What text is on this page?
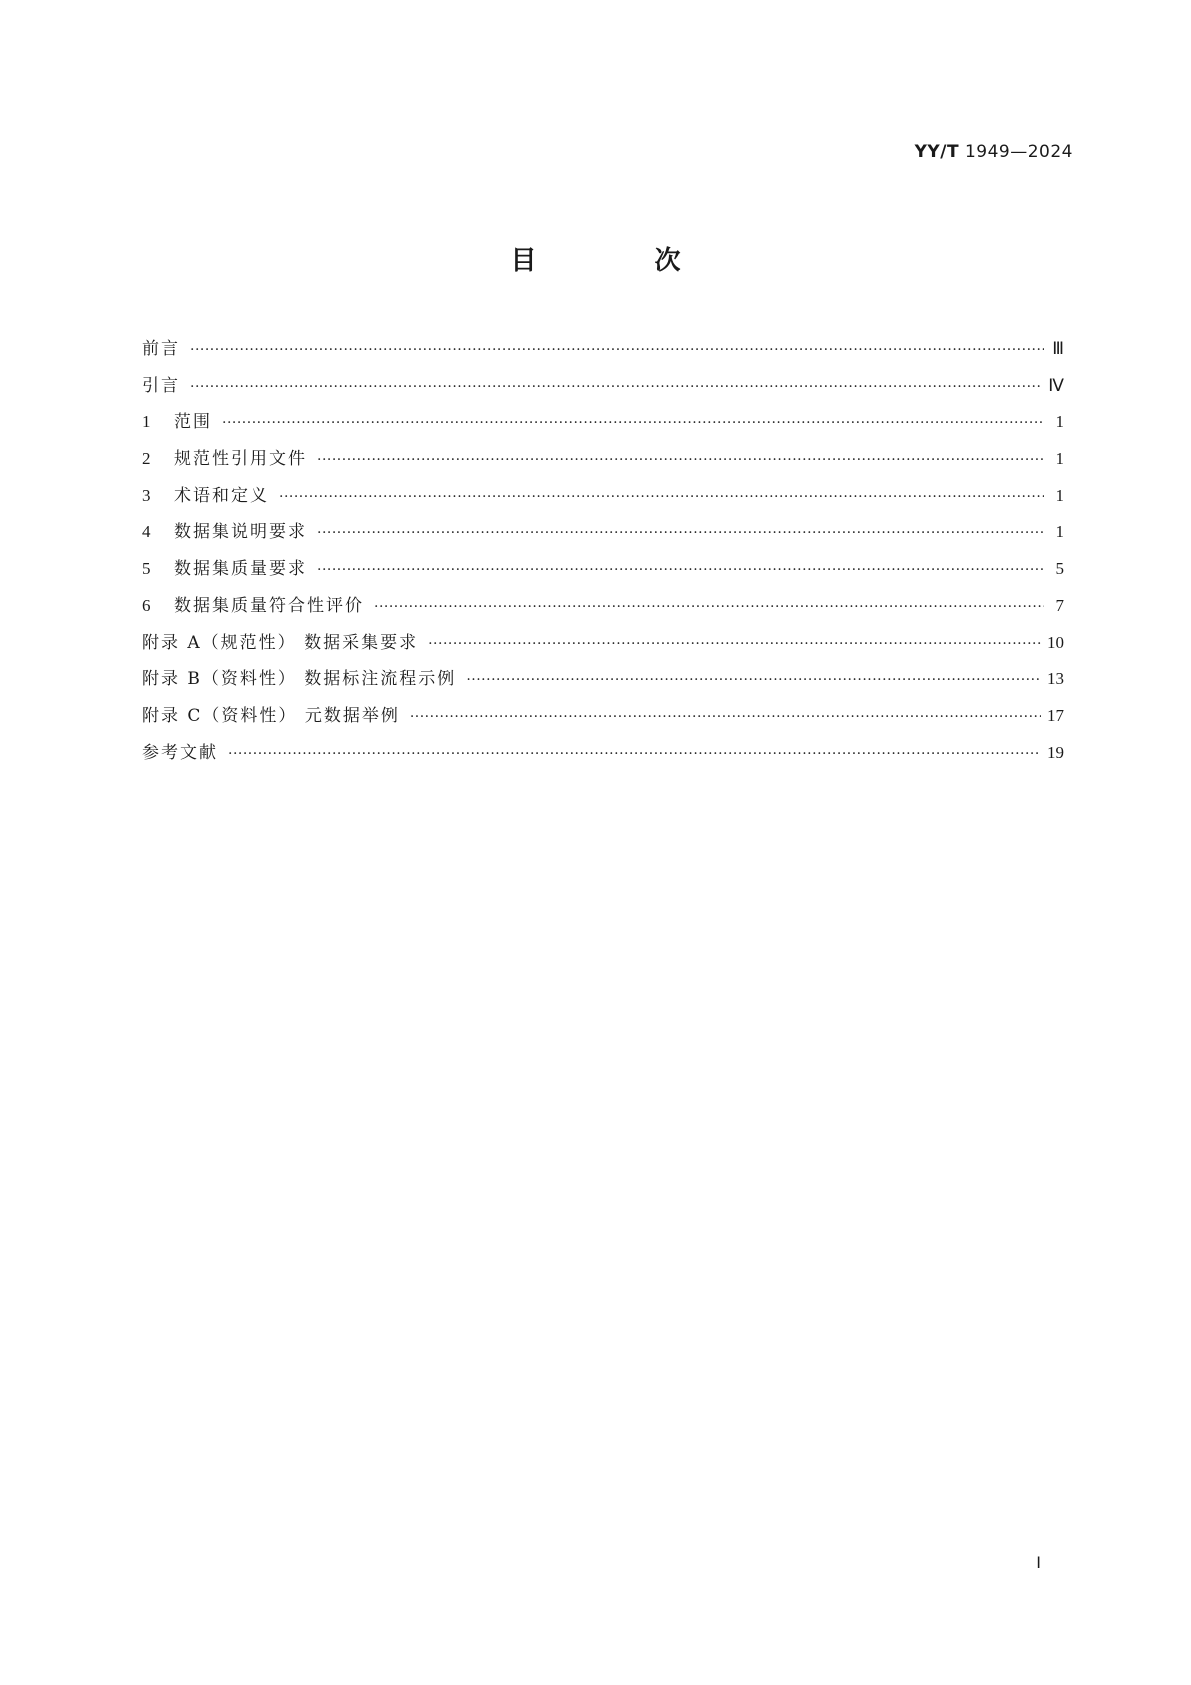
YY/T 1949—2024
目　次
前言 ·····	Ⅲ
引言 ·····	Ⅳ
1	范围 ·····	1
2	规范性引用文件 ·····	1
3	术语和定义 ·····	1
4	数据集说明要求 ·····	1
5	数据集质量要求 ·····	5
6	数据集质量符合性评价 ·····	7
附录 A（规范性） 数据采集要求 ·····	10
附录 B（资料性） 数据标注流程示例 ·····	13
附录 C（资料性） 元数据举例 ·····	17
参考文献 ·····	19
Ⅰ
